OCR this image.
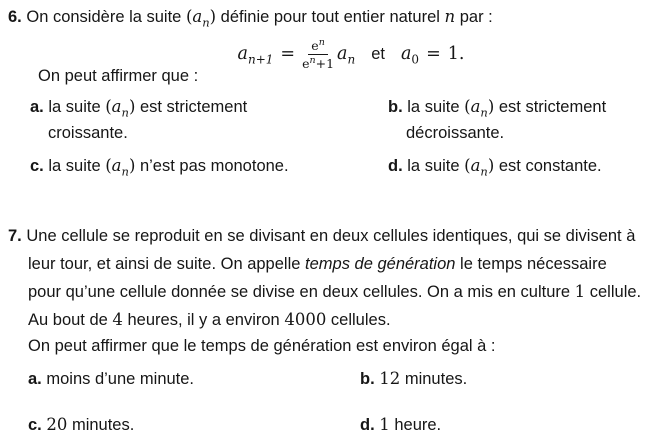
6. On considère la suite $(a_n)$ définie pour tout entier naturel n par :
$a_{n+1} = \frac{e^n}{e^n+1} a_n$ et $a_0 = 1$.
On peut affirmer que :
a. la suite $(a_n)$ est strictement croissante.
b. la suite $(a_n)$ est strictement décroissante.
c. la suite $(a_n)$ n’est pas monotone.	d. la suite $(a_n)$ est constante.
7. Une cellule se reproduit en se divisant en deux cellules identiques, qui se divisent à leur tour, et ainsi de suite. On appelle temps de génération le temps nécessaire pour qu’une cellule donnée se divise en deux cellules. On a mis en culture 1 cellule. Au bout de 4 heures, il y a environ 4000 cellules.
On peut affirmer que le temps de génération est environ égal à :
a. moins d’une minute.	b. 12 minutes.
c. 20 minutes.	d. 1 heure.
